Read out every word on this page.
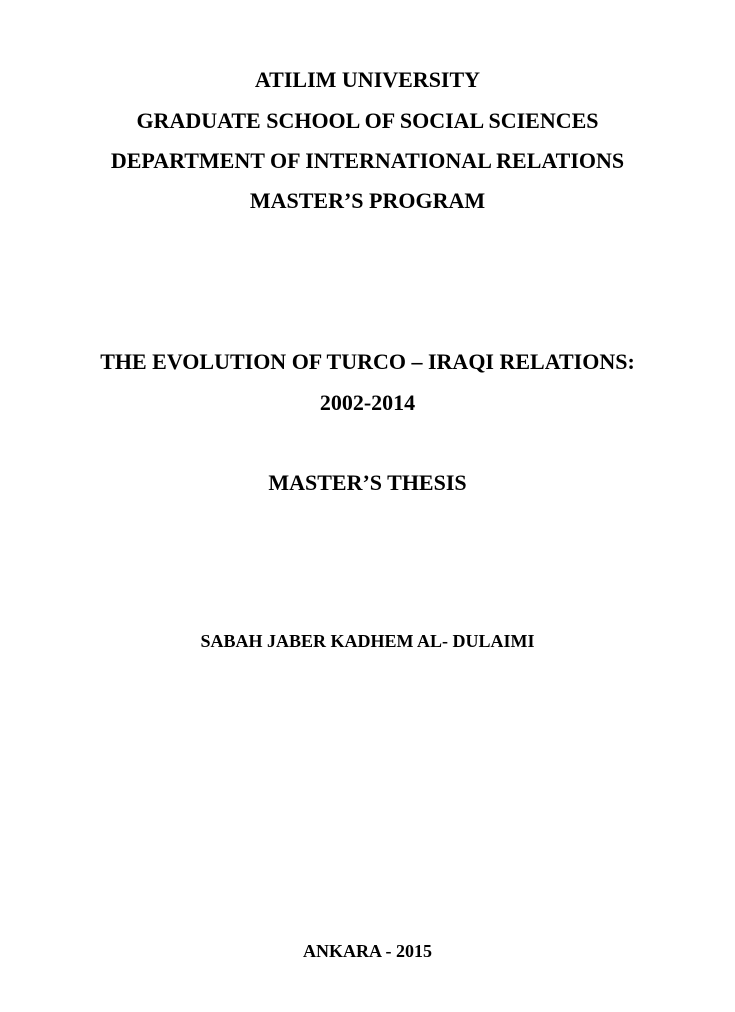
ATILIM UNIVERSITY
GRADUATE SCHOOL OF SOCIAL SCIENCES
DEPARTMENT OF INTERNATIONAL RELATIONS
MASTER’S PROGRAM
THE EVOLUTION OF TURCO – IRAQI RELATIONS:
2002-2014
MASTER’S THESIS
SABAH JABER KADHEM AL- DULAIMI
ANKARA - 2015
